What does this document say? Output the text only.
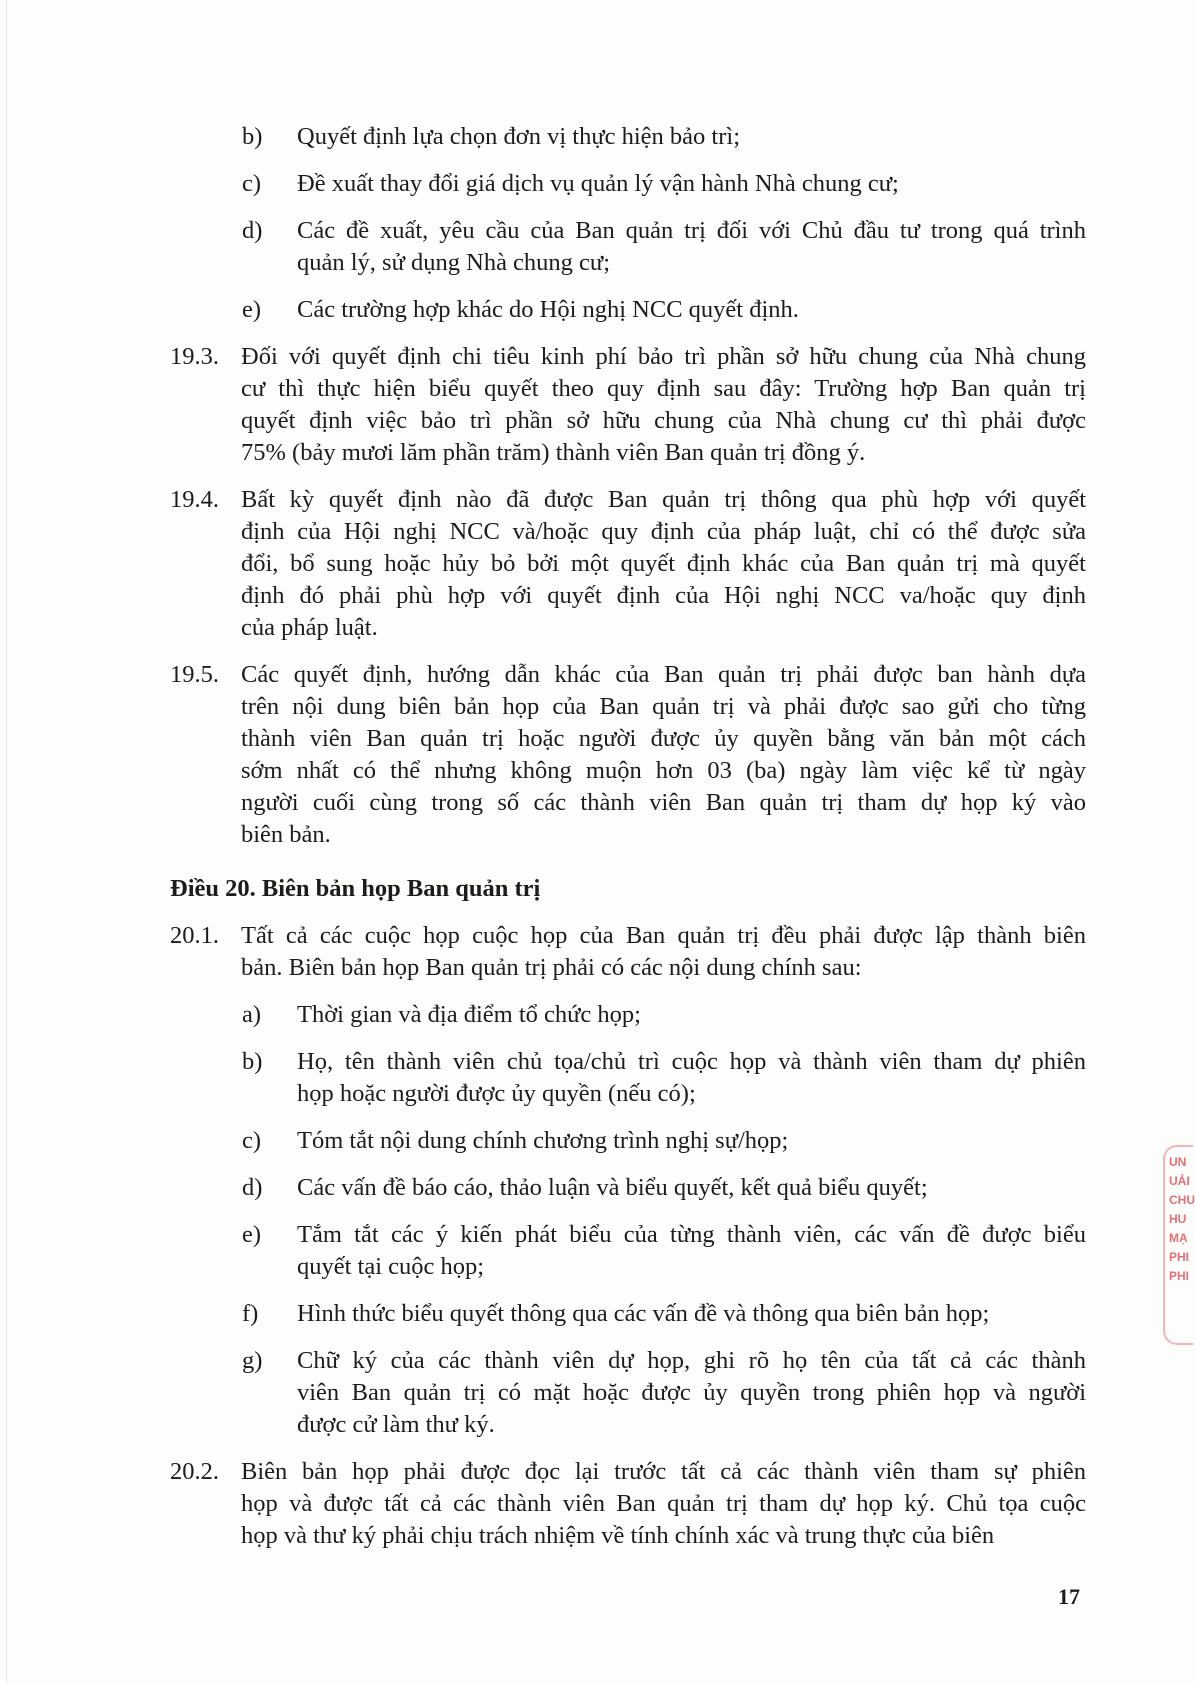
b) Quyết định lựa chọn đơn vị thực hiện bảo trì;
c) Đề xuất thay đổi giá dịch vụ quản lý vận hành Nhà chung cư;
d) Các đề xuất, yêu cầu của Ban quản trị đối với Chủ đầu tư trong quá trình
quản lý, sử dụng Nhà chung cư;
e) Các trường hợp khác do Hội nghị NCC quyết định.
19.3. Đối với quyết định chi tiêu kinh phí bảo trì phần sở hữu chung của Nhà chung
cư thì thực hiện biểu quyết theo quy định sau đây: Trường hợp Ban quản trị
quyết định việc bảo trì phần sở hữu chung của Nhà chung cư thì phải được
75% (bảy mươi lăm phần trăm) thành viên Ban quản trị đồng ý.
19.4. Bất kỳ quyết định nào đã được Ban quản trị thông qua phù hợp với quyết
định của Hội nghị NCC và/hoặc quy định của pháp luật, chỉ có thể được sửa
đổi, bổ sung hoặc hủy bỏ bởi một quyết định khác của Ban quản trị mà quyết
định đó phải phù hợp với quyết định của Hội nghị NCC va/hoặc quy định
của pháp luật.
19.5. Các quyết định, hướng dẫn khác của Ban quản trị phải được ban hành dựa
trên nội dung biên bản họp của Ban quản trị và phải được sao gửi cho từng
thành viên Ban quản trị hoặc người được ủy quyền bằng văn bản một cách
sớm nhất có thể nhưng không muộn hơn 03 (ba) ngày làm việc kể từ ngày
người cuối cùng trong số các thành viên Ban quản trị tham dự họp ký vào
biên bản.
Điều 20. Biên bản họp Ban quản trị
20.1. Tất cả các cuộc họp cuộc họp của Ban quản trị đều phải được lập thành biên
bản. Biên bản họp Ban quản trị phải có các nội dung chính sau:
a) Thời gian và địa điểm tổ chức họp;
b) Họ, tên thành viên chủ tọa/chủ trì cuộc họp và thành viên tham dự phiên
họp hoặc người được ủy quyền (nếu có);
c) Tóm tắt nội dung chính chương trình nghị sự/họp;
d) Các vấn đề báo cáo, thảo luận và biểu quyết, kết quả biểu quyết;
e) Tắm tắt các ý kiến phát biểu của từng thành viên, các vấn đề được biểu
quyết tại cuộc họp;
f) Hình thức biểu quyết thông qua các vấn đề và thông qua biên bản họp;
g) Chữ ký của các thành viên dự họp, ghi rõ họ tên của tất cả các thành
viên Ban quản trị có mặt hoặc được ủy quyền trong phiên họp và người
được cử làm thư ký.
20.2. Biên bản họp phải được đọc lại trước tất cả các thành viên tham sự phiên
họp và được tất cả các thành viên Ban quản trị tham dự họp ký. Chủ tọa cuộc
họp và thư ký phải chịu trách nhiệm về tính chính xác và trung thực của biên
17
UN
UẢI
CHU
HU
MẠ
PHI
PHI
